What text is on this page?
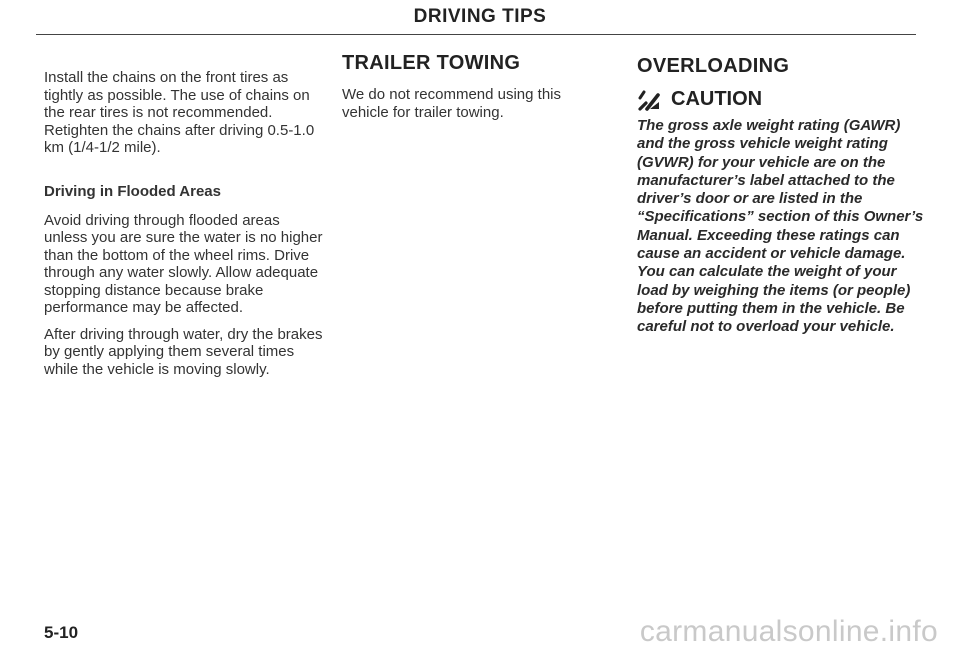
DRIVING TIPS

Install the chains on the front tires as tightly as possible. The use of chains on the rear tires is not recommended. Retighten the chains after driving 0.5-1.0 km (1/4-1/2 mile).

Driving in Flooded Areas

Avoid driving through flooded areas unless you are sure the water is no higher than the bottom of the wheel rims. Drive through any water slowly. Allow adequate stopping distance because brake performance may be affected.

After driving through water, dry the brakes by gently applying them several times while the vehicle is moving slowly.

TRAILER TOWING

We do not recommend using this vehicle for trailer towing.

OVERLOADING
CAUTION

The gross axle weight rating (GAWR) and the gross vehicle weight rating (GVWR) for your vehicle are on the manufacturer’s label attached to the driver’s door or are listed in the “Specifications” section of this Owner’s Manual. Exceeding these ratings can cause an accident or vehicle damage. You can calculate the weight of your load by weighing the items (or people) before putting them in the vehicle. Be careful not to overload your vehicle.

5-10	carmanualsonline.info
